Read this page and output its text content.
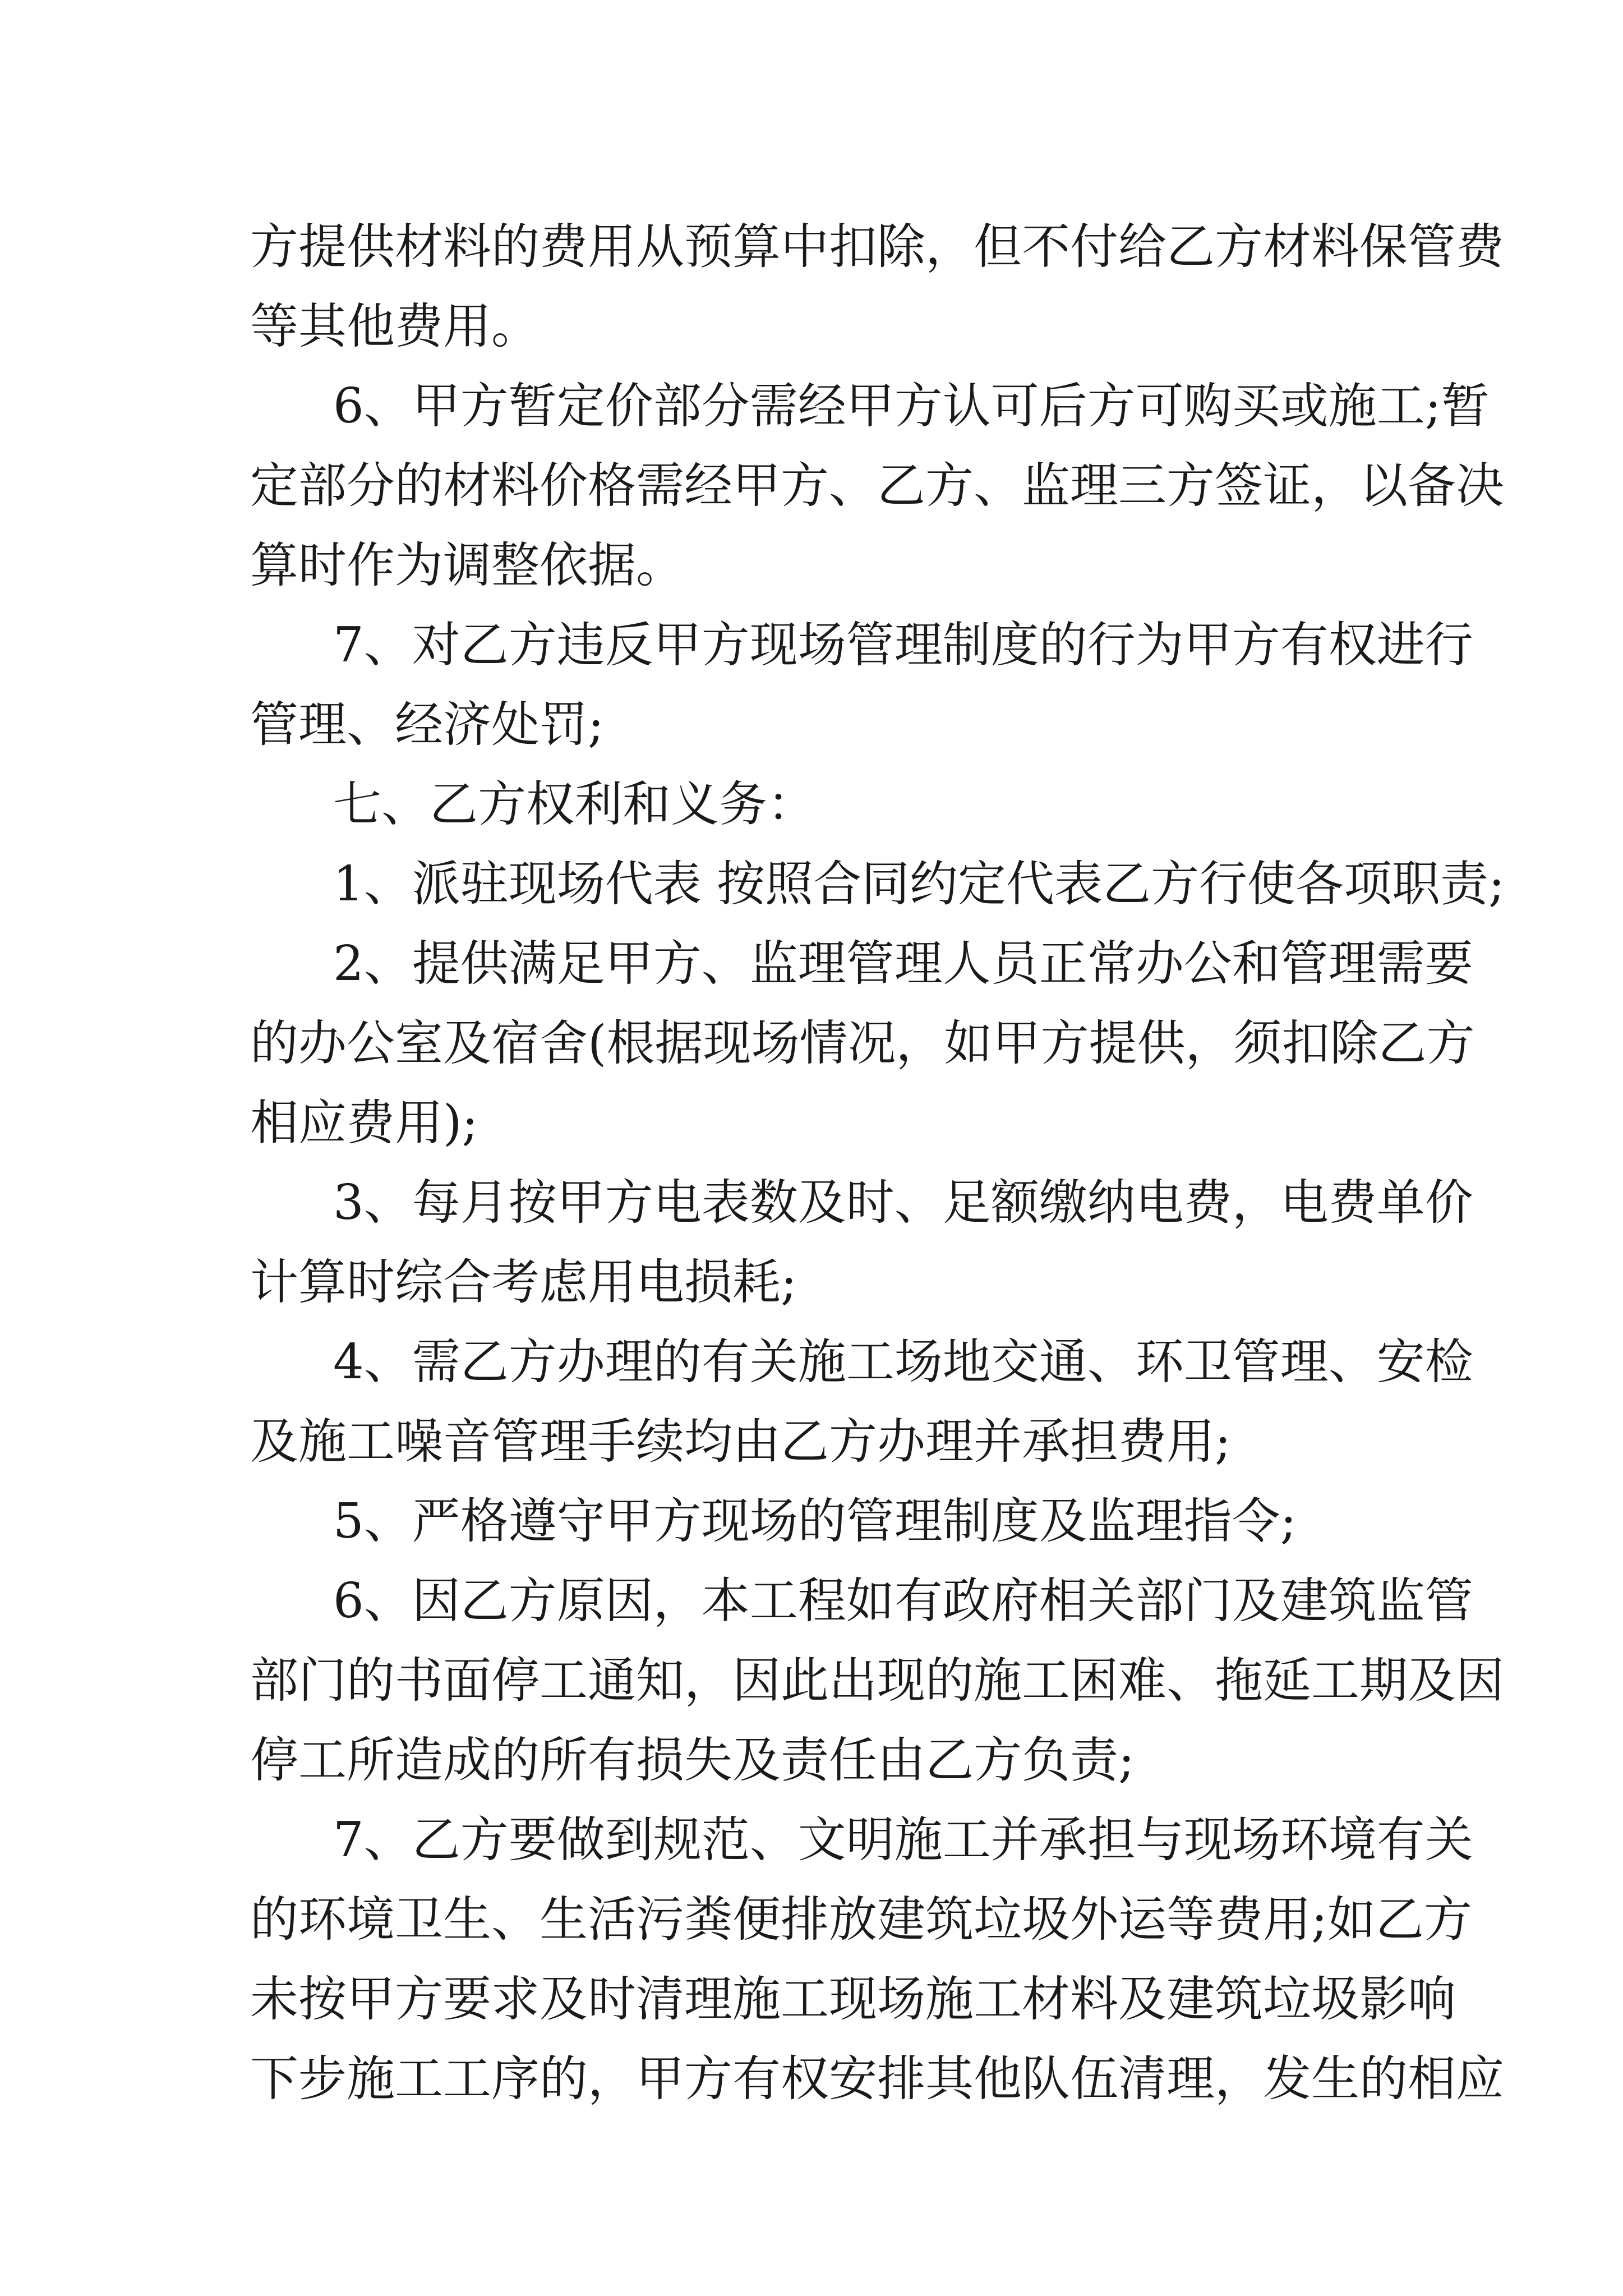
方提供材料的费用从预算中扣除，但不付给乙方材料保管费
等其他费用。
6、甲方暂定价部分需经甲方认可后方可购买或施工;暂
定部分的材料价格需经甲方、乙方、监理三方签证，以备决
算时作为调整依据。
7、对乙方违反甲方现场管理制度的行为甲方有权进行
管理、经济处罚;
七、乙方权利和义务：
1、派驻现场代表 按照合同约定代表乙方行使各项职责;
2、提供满足甲方、监理管理人员正常办公和管理需要
的办公室及宿舍(根据现场情况，如甲方提供，须扣除乙方
相应费用);
3、每月按甲方电表数及时、足额缴纳电费，电费单价
计算时综合考虑用电损耗;
4、需乙方办理的有关施工场地交通、环卫管理、安检
及施工噪音管理手续均由乙方办理并承担费用;
5、严格遵守甲方现场的管理制度及监理指令;
6、因乙方原因，本工程如有政府相关部门及建筑监管
部门的书面停工通知，因此出现的施工困难、拖延工期及因
停工所造成的所有损失及责任由乙方负责;
7、乙方要做到规范、文明施工并承担与现场环境有关
的环境卫生、生活污粪便排放建筑垃圾外运等费用;如乙方
未按甲方要求及时清理施工现场施工材料及建筑垃圾影响
下步施工工序的，甲方有权安排其他队伍清理，发生的相应
